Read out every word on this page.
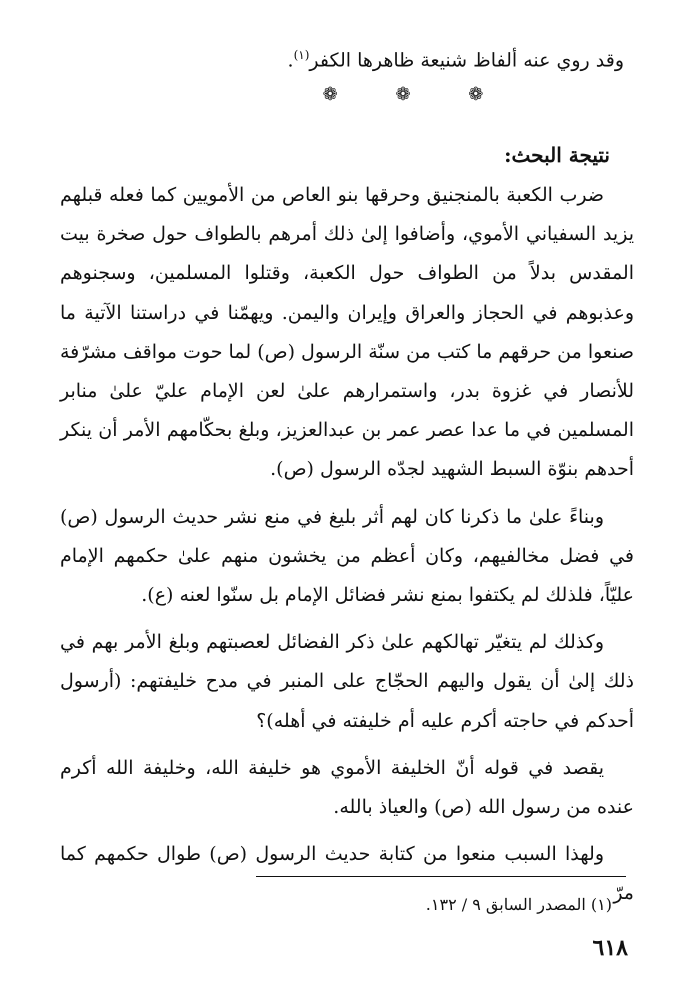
وقد روي عنه ألفاظ شنيعة ظاهرها الكفر$^{(١)}$.
❁ ❁ ❁
نتيجة البحث:

ضرب الكعبة بالمنجنيق وحرقها بنو العاص من الأمويين كما فعله قبلهم يزيد السفياني الأموي، وأضافوا إلىٰ ذلك أمرهم بالطواف حول صخرة بيت المقدس بدلاً من الطواف حول الكعبة، وقتلوا المسلمين، وسجنوهم وعذبوهم في الحجاز والعراق وإيران واليمن. ويهمّنا في دراستنا الآتية ما صنعوا من حرقهم ما كتب من سنّة الرسول (ص) لما حوت مواقف مشرّفة للأنصار في غزوة بدر، واستمرارهم علىٰ لعن الإمام عليّ علىٰ منابر المسلمين في ما عدا عصر عمر بن عبدالعزيز، وبلغ بحكّامهم الأمر أن ينكر أحدهم بنوّة السبط الشهيد لجدّه الرسول (ص).

وبناءً علىٰ ما ذكرنا كان لهم أثر بليغ في منع نشر حديث الرسول (ص) في فضل مخالفيهم، وكان أعظم من يخشون منهم علىٰ حكمهم الإمام عليّاً، فلذلك لم يكتفوا بمنع نشر فضائل الإمام بل سنّوا لعنه (ع).

وكذلك لم يتغيّر تهالكهم علىٰ ذكر الفضائل لعصبتهم وبلغ الأمر بهم في ذلك إلىٰ أن يقول واليهم الحجّاج على المنبر في مدح خليفتهم: (أرسول أحدكم في حاجته أكرم عليه أم خليفته في أهله)؟

يقصد في قوله أنّ الخليفة الأموي هو خليفة الله، وخليفة الله أكرم عنده من رسول الله (ص) والعياذ بالله.

ولهذا السبب منعوا من كتابة حديث الرسول (ص) طوال حكمهم كما مرّ

(١) المصدر السابق ٩ / ١٣٢.
٦١٨
